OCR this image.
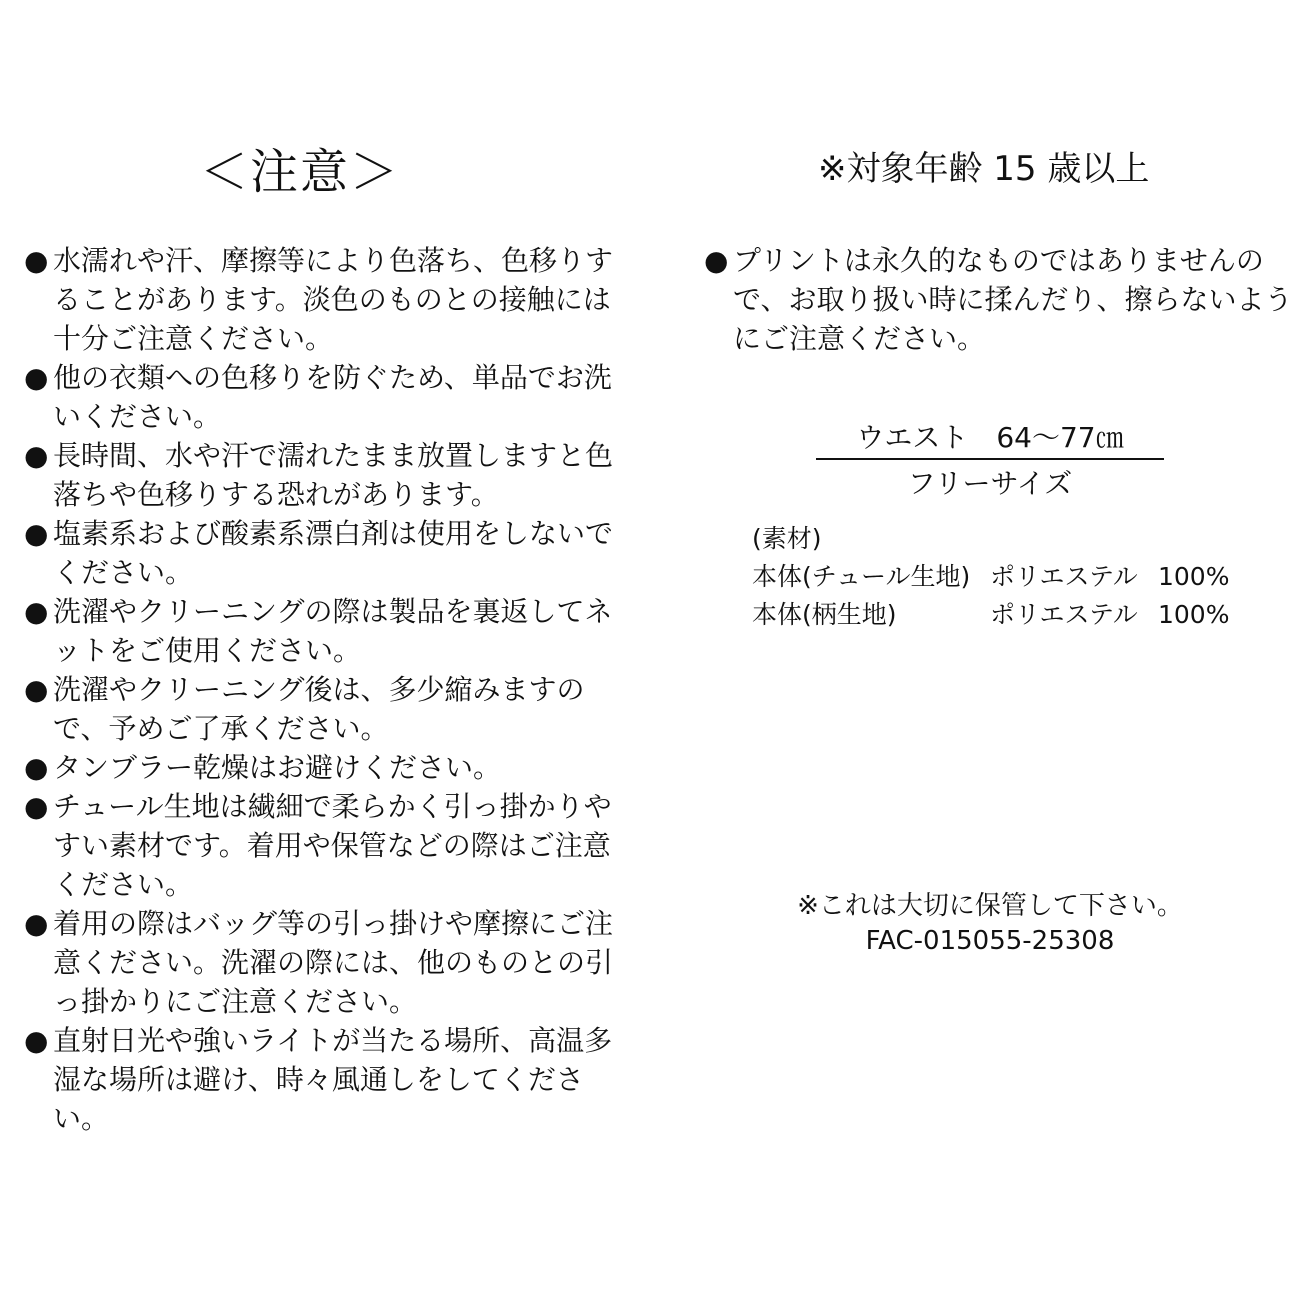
＜注意＞
● 水濡れや汗、摩擦等により色落ち、色移りすることがあります。淡色のものとの接触には十分ご注意ください。
● 他の衣類への色移りを防ぐため、単品でお洗いください。
● 長時間、水や汗で濡れたまま放置しますと色落ちや色移りする恐れがあります。
● 塩素系および酸素系漂白剤は使用をしないでください。
● 洗濯やクリーニングの際は製品を裏返してネットをご使用ください。
● 洗濯やクリーニング後は、多少縮みますので、予めご了承ください。
● タンブラー乾燥はお避けください。
● チュール生地は繊細で柔らかく引っ掛かりやすい素材です。着用や保管などの際はご注意ください。
● 着用の際はバッグ等の引っ掛けや摩擦にご注意ください。洗濯の際には、他のものとの引っ掛かりにご注意ください。
● 直射日光や強いライトが当たる場所、高温多湿な場所は避け、時々風通しをしてください。
※対象年齢 15 歳以上
● プリントは永久的なものではありませんので、お取り扱い時に揉んだり、擦らないようにご注意ください。
ウエスト　64～77㎝
フリーサイズ
(素材)
本体(チュール生地) ポリエステル 100%
本体(柄生地)	ポリエステル 100%
※これは大切に保管して下さい。
FAC-015055-25308
